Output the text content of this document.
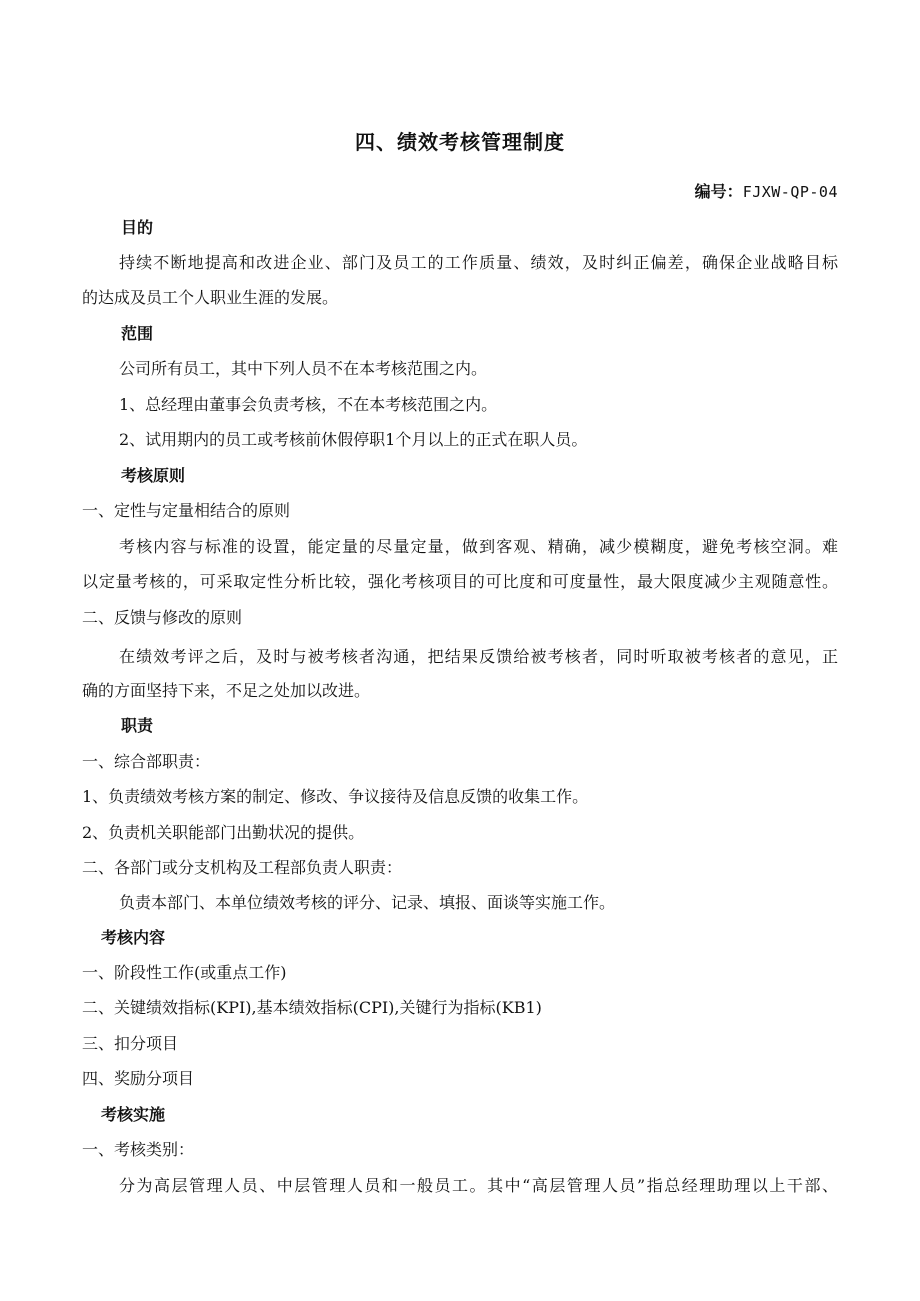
四、绩效考核管理制度
编号：FJXW-QP-04
目的
持续不断地提高和改进企业、部门及员工的工作质量、绩效，及时纠正偏差，确保企业战略目标
的达成及员工个人职业生涯的发展。
范围
公司所有员工，其中下列人员不在本考核范围之内。
1、总经理由董事会负责考核，不在本考核范围之内。
2、试用期内的员工或考核前休假停职1个月以上的正式在职人员。
考核原则
一、定性与定量相结合的原则
考核内容与标准的设置，能定量的尽量定量，做到客观、精确，减少模糊度，避免考核空洞。难
以定量考核的，可采取定性分析比较，强化考核项目的可比度和可度量性，最大限度减少主观随意性。
二、反馈与修改的原则
在绩效考评之后，及时与被考核者沟通，把结果反馈给被考核者，同时听取被考核者的意见，正
确的方面坚持下来，不足之处加以改进。
职责
一、综合部职责：
1、负责绩效考核方案的制定、修改、争议接待及信息反馈的收集工作。
2、负责机关职能部门出勤状况的提供。
二、各部门或分支机构及工程部负责人职责：
负责本部门、本单位绩效考核的评分、记录、填报、面谈等实施工作。
考核内容
一、阶段性工作(或重点工作)
二、关键绩效指标(KPI),基本绩效指标(CPI),关键行为指标(KB1)
三、扣分项目
四、奖励分项目
考核实施
一、考核类别：
分为高层管理人员、中层管理人员和一般员工。其中“高层管理人员”指总经理助理以上干部、
